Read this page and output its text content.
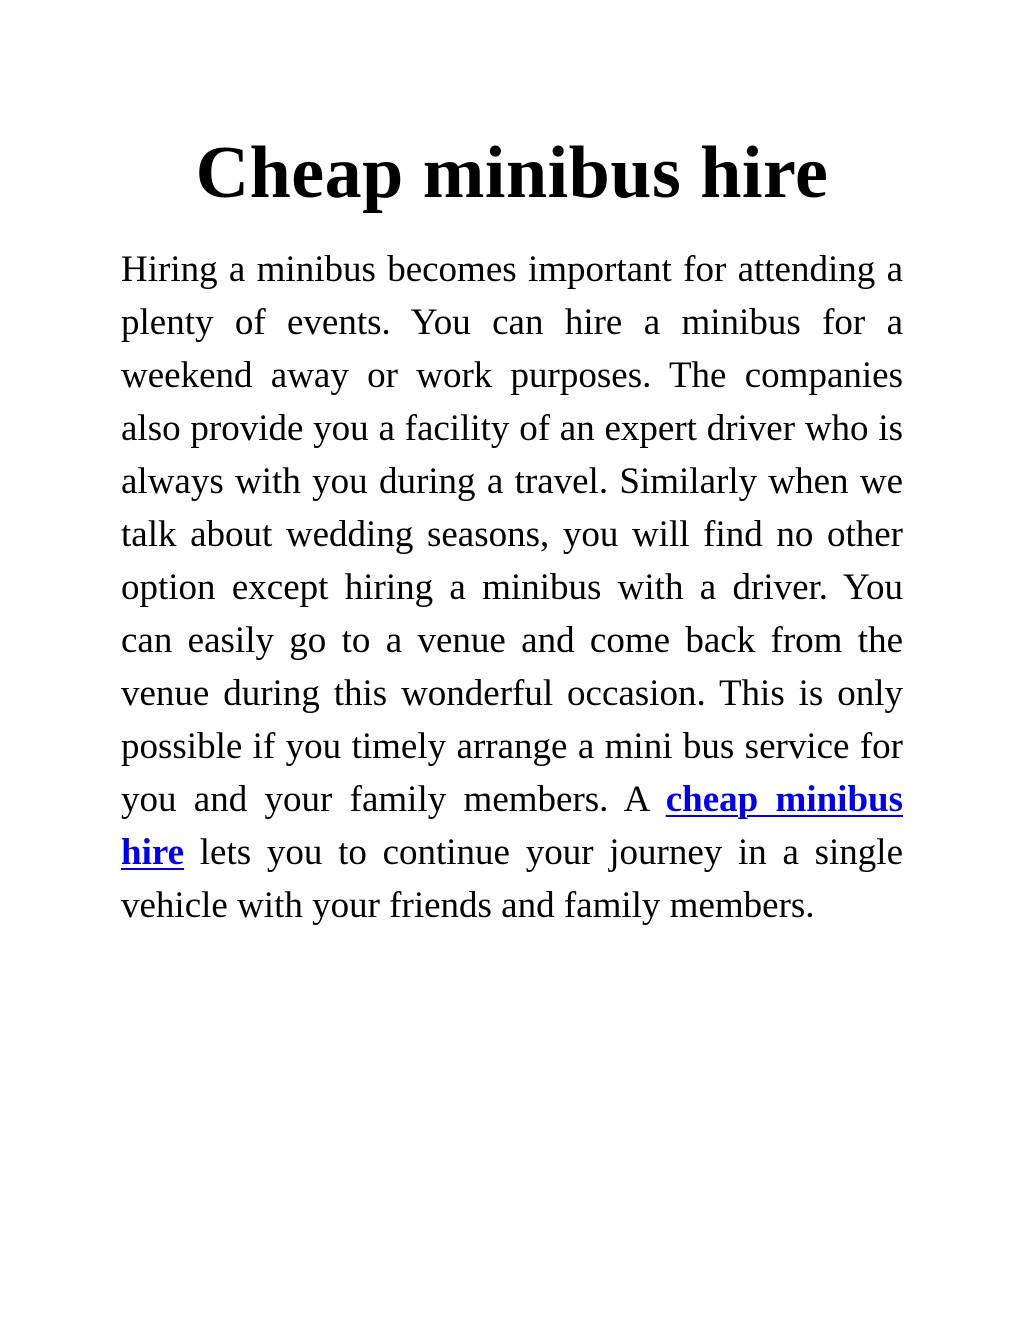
Cheap minibus hire

Hiring a minibus becomes important for attending a plenty of events. You can hire a minibus for a weekend away or work purposes. The companies also provide you a facility of an expert driver who is always with you during a travel. Similarly when we talk about wedding seasons, you will find no other option except hiring a minibus with a driver. You can easily go to a venue and come back from the venue during this wonderful occasion. This is only possible if you timely arrange a mini bus service for you and your family members. A cheap minibus hire lets you to continue your journey in a single vehicle with your friends and family members.
